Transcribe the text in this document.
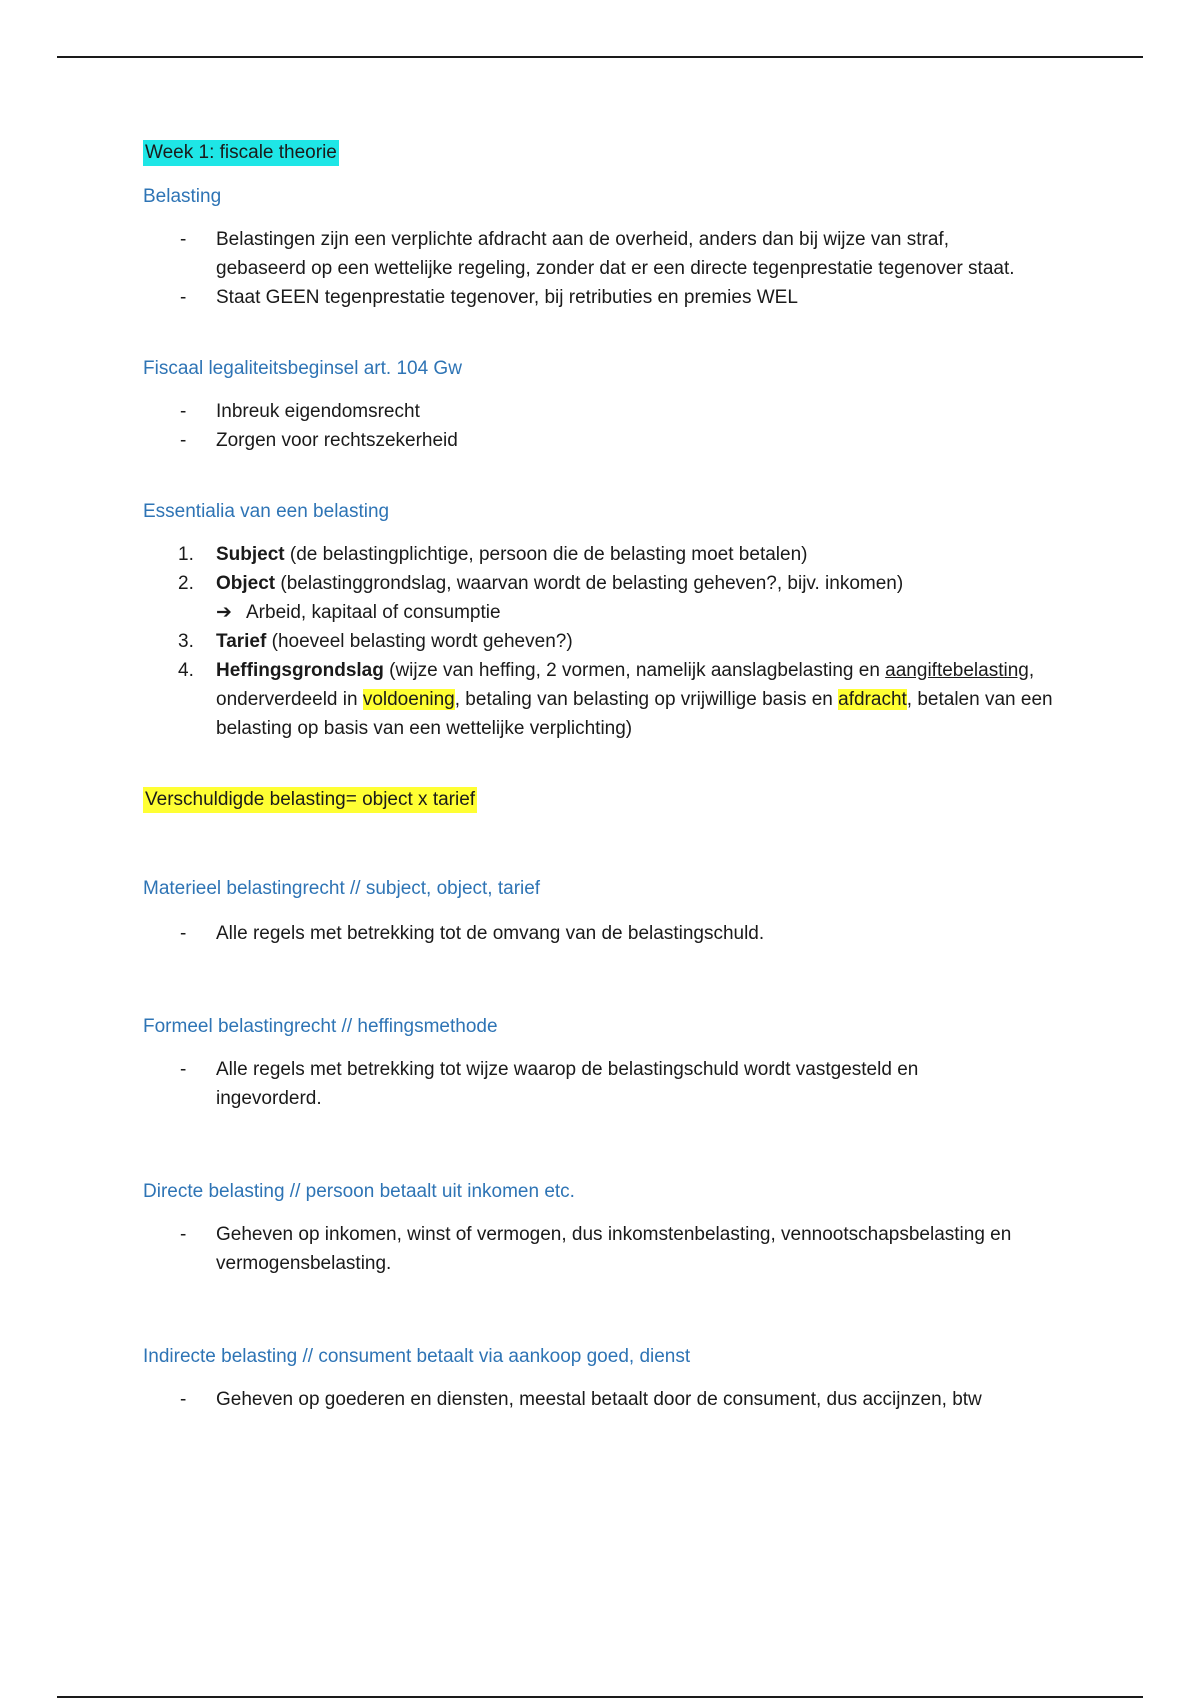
Week 1: fiscale theorie
Belasting
- Belastingen zijn een verplichte afdracht aan de overheid, anders dan bij wijze van straf, gebaseerd op een wettelijke regeling, zonder dat er een directe tegenprestatie tegenover staat.
- Staat GEEN tegenprestatie tegenover, bij retributies en premies WEL
Fiscaal legaliteitsbeginsel art. 104 Gw
- Inbreuk eigendomsrecht
- Zorgen voor rechtszekerheid
Essentialia van een belasting
1. Subject (de belastingplichtige, persoon die de belasting moet betalen)
2. Object (belastinggrondslag, waarvan wordt de belasting geheven?, bijv. inkomen)
➔ Arbeid, kapitaal of consumptie
3. Tarief (hoeveel belasting wordt geheven?)
4. Heffingsgrondslag (wijze van heffing, 2 vormen, namelijk aanslagbelasting en aangiftebelasting, onderverdeeld in voldoening, betaling van belasting op vrijwillige basis en afdracht, betalen van een belasting op basis van een wettelijke verplichting)
Verschuldigde belasting= object x tarief
Materieel belastingrecht // subject, object, tarief
- Alle regels met betrekking tot de omvang van de belastingschuld.
Formeel belastingrecht // heffingsmethode
- Alle regels met betrekking tot wijze waarop de belastingschuld wordt vastgesteld en ingevorderd.
Directe belasting // persoon betaalt uit inkomen etc.
- Geheven op inkomen, winst of vermogen, dus inkomstenbelasting, vennootschapsbelasting en vermogensbelasting.
Indirecte belasting // consument betaalt via aankoop goed, dienst
- Geheven op goederen en diensten, meestal betaalt door de consument, dus accijnzen, btw
